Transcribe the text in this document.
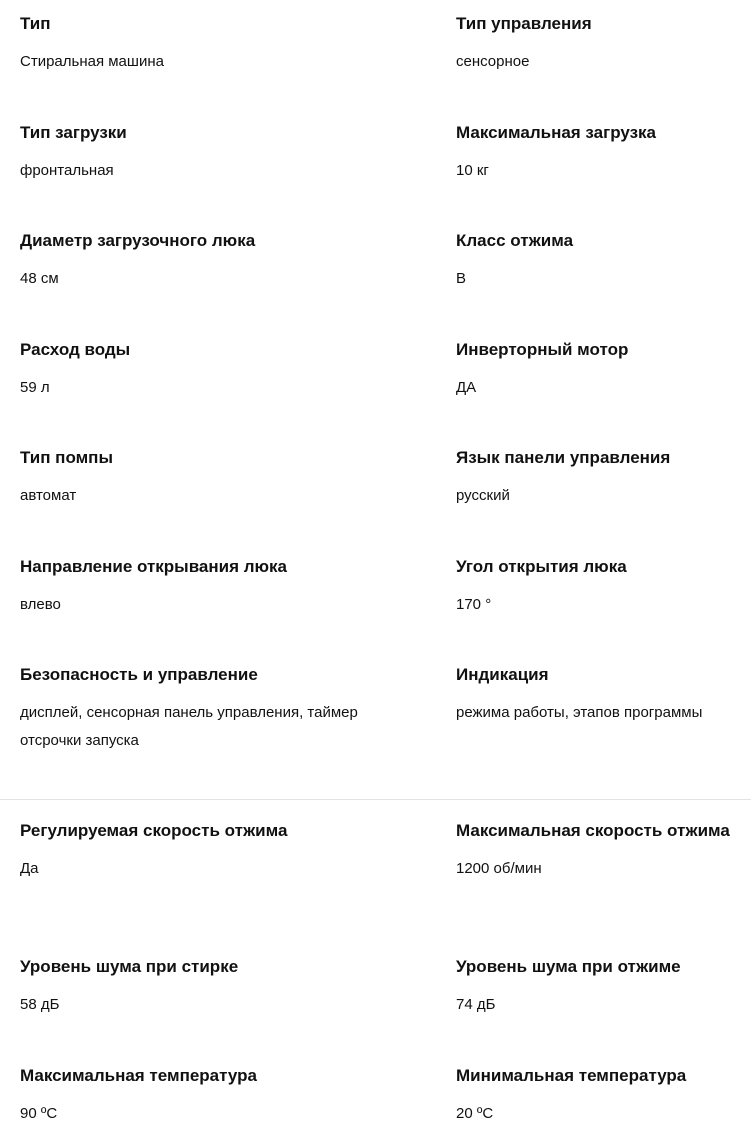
Тип
Стиральная машина
Тип управления
сенсорное
Тип загрузки
фронтальная
Максимальная загрузка
10 кг
Диаметр загрузочного люка
48 см
Класс отжима
B
Расход воды
59 л
Инверторный мотор
ДА
Тип помпы
автомат
Язык панели управления
русский
Направление открывания люка
влево
Угол открытия люка
170 °
Безопасность и управление
дисплей, сенсорная панель управления, таймер отсрочки запуска
Индикация
режима работы, этапов программы
Регулируемая скорость отжима
Да
Максимальная скорость отжима
1200 об/мин
Уровень шума при стирке
58 дБ
Уровень шума при отжиме
74 дБ
Максимальная температура
90 ºC
Минимальная температура
20 ºC
